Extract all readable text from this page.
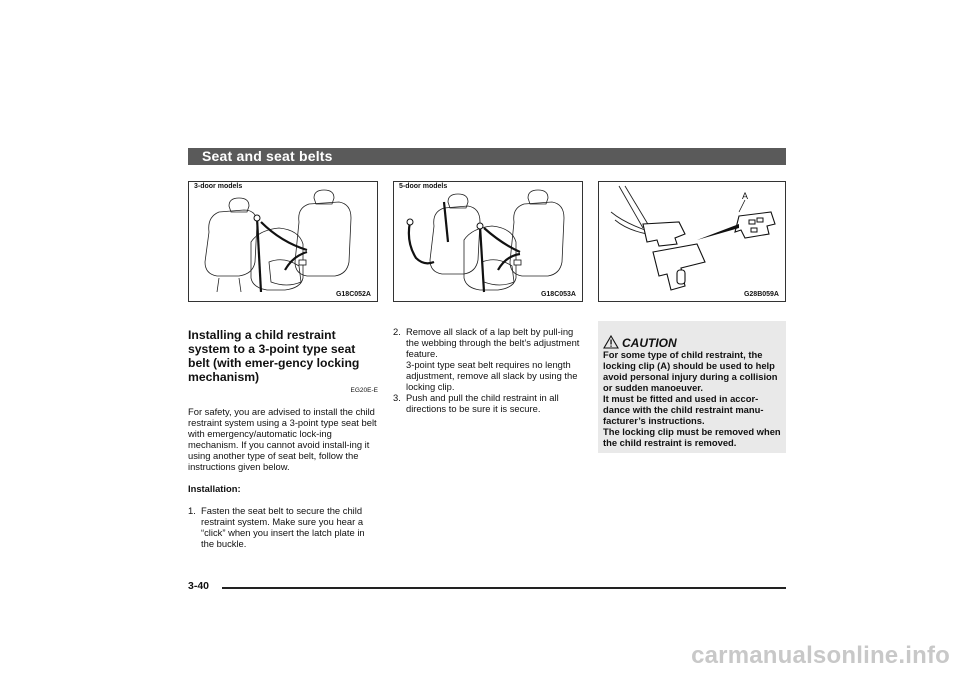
Seat and seat belts
3-door models
G18C052A
5-door models
G18C053A
A
G28B059A

Installing a child restraint system to a 3-point type seat belt (with emer-gency locking mechanism)

EG20E-E

For safety, you are advised to install the child restraint system using a 3-point type seat belt with emergency/automatic lock-ing mechanism. If you cannot avoid install-ing it using another type of seat belt, follow the instructions given below.

Installation:
1. Fasten the seat belt to secure the child restraint system. Make sure you hear a “click” when you insert the latch plate in the buckle.
2. Remove all slack of a lap belt by pull-ing the webbing through the belt’s adjustment feature.
3-point type seat belt requires no length adjustment, remove all slack by using the locking clip.
3. Push and pull the child restraint in all directions to be sure it is secure.
CAUTION
For some type of child restraint, the locking clip (A) should be used to help avoid personal injury during a collision or sudden manoeuver.
It must be fitted and used in accor-dance with the child restraint manu-facturer’s instructions.
The locking clip must be removed when the child restraint is removed.
3-40
carmanualsonline.info
